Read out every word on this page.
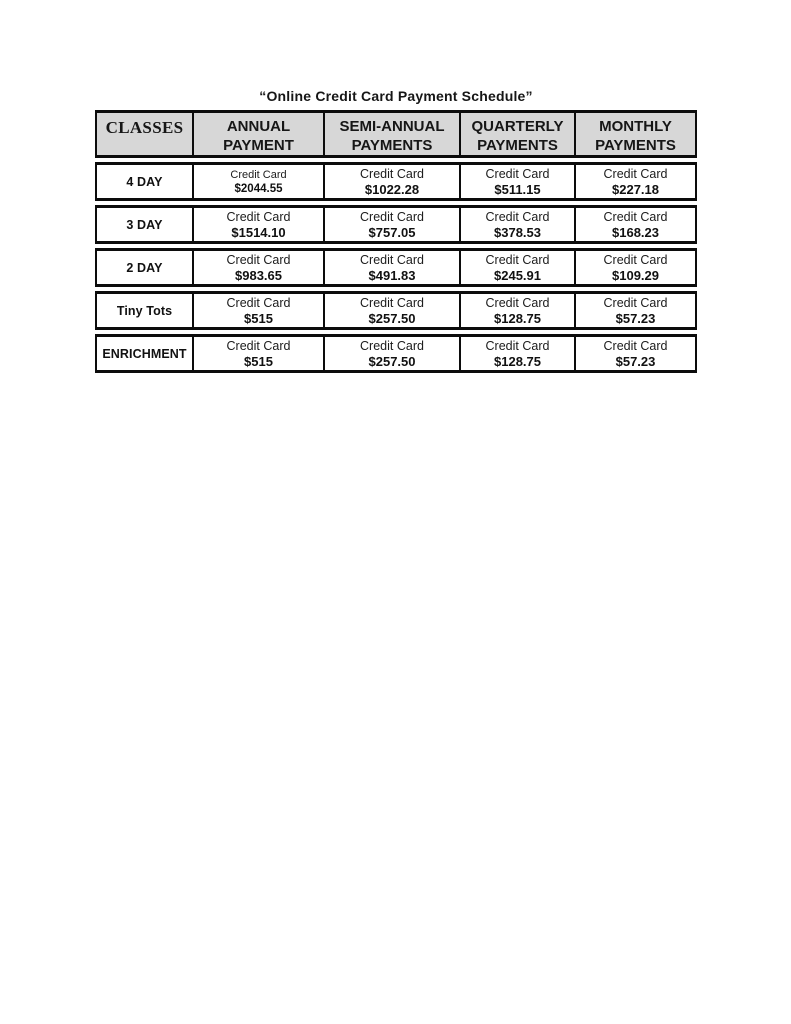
“Online Credit Card Payment Schedule”
CLASSES	ANNUAL
PAYMENT
SEMI-ANNUAL
PAYMENTS
QUARTERLY
PAYMENTS
MONTHLY
PAYMENTS
4 DAY
Credit Card
$2044.55
Credit Card
$1022.28
Credit Card
$511.15
Credit Card
$227.18
3 DAY
Credit Card
$1514.10
Credit Card
$757.05
Credit Card
$378.53
Credit Card
$168.23
2 DAY
Credit Card
$983.65
Credit Card
$491.83
Credit Card
$245.91
Credit Card
$109.29
Tiny Tots
Credit Card
$515
Credit Card
$257.50
Credit Card
$128.75
Credit Card
$57.23
ENRICHMENT
Credit Card
$515
Credit Card
$257.50
Credit Card
$128.75
Credit Card
$57.23
